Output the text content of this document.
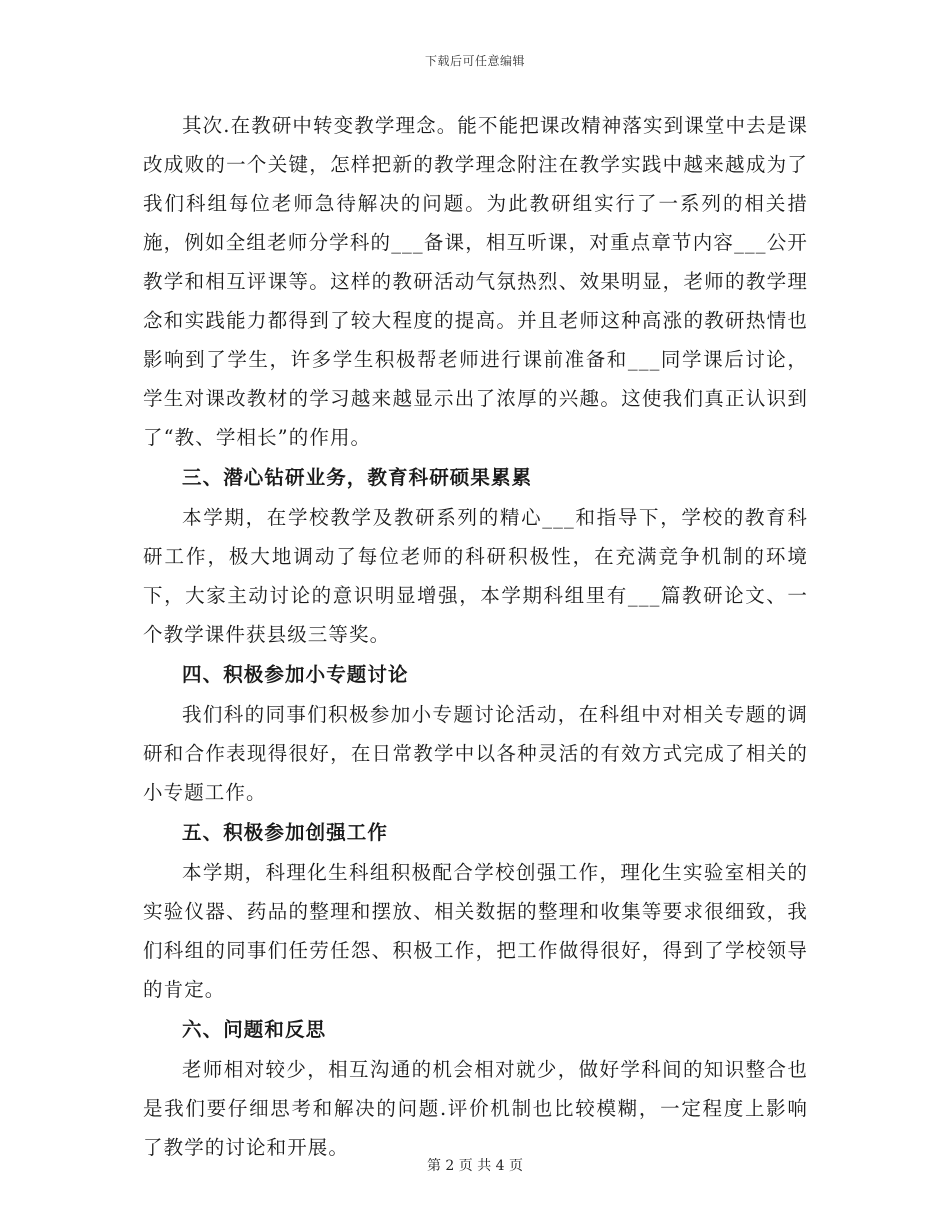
下载后可任意编辑

其次.在教研中转变教学理念。能不能把课改精神落实到课堂中去是课改成败的一个关键，怎样把新的教学理念附注在教学实践中越来越成为了我们科组每位老师急待解决的问题。为此教研组实行了一系列的相关措施，例如全组老师分学科的___备课，相互听课，对重点章节内容___公开教学和相互评课等。这样的教研活动气氛热烈、效果明显，老师的教学理念和实践能力都得到了较大程度的提高。并且老师这种高涨的教研热情也影响到了学生，许多学生积极帮老师进行课前准备和___同学课后讨论，学生对课改教材的学习越来越显示出了浓厚的兴趣。这使我们真正认识到了“教、学相长”的作用。

三、潜心钻研业务，教育科研硕果累累

本学期，在学校教学及教研系列的精心___和指导下，学校的教育科研工作，极大地调动了每位老师的科研积极性，在充满竞争机制的环境下，大家主动讨论的意识明显增强，本学期科组里有___篇教研论文、一个教学课件获县级三等奖。

四、积极参加小专题讨论

我们科的同事们积极参加小专题讨论活动，在科组中对相关专题的调研和合作表现得很好，在日常教学中以各种灵活的有效方式完成了相关的小专题工作。

五、积极参加创强工作

本学期，科理化生科组积极配合学校创强工作，理化生实验室相关的实验仪器、药品的整理和摆放、相关数据的整理和收集等要求很细致，我们科组的同事们任劳任怨、积极工作，把工作做得很好，得到了学校领导的肯定。

六、问题和反思

老师相对较少，相互沟通的机会相对就少，做好学科间的知识整合也是我们要仔细思考和解决的问题.评价机制也比较模糊，一定程度上影响了教学的讨论和开展。

第 2 页 共 4 页
